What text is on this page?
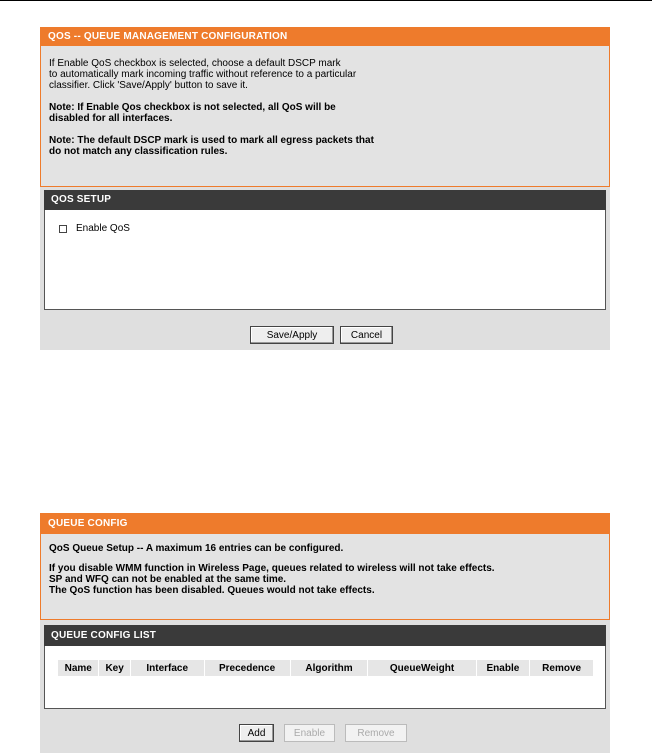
QOS -- QUEUE MANAGEMENT CONFIGURATION

If Enable QoS checkbox is selected, choose a default DSCP mark

to automatically mark incoming traffic without reference to a particular

classifier. Click 'Save/Apply' button to save it.

Note: If Enable Qos checkbox is not selected, all QoS will be

disabled for all interfaces.

Note: The default DSCP mark is used to mark all egress packets that

do not match any classification rules.

QOS SETUP
Enable QoS
Save/Apply	Cancel
QUEUE CONFIG

QoS Queue Setup -- A maximum 16 entries can be configured.

If you disable WMM function in Wireless Page, queues related to wireless will not take effects.

SP and WFQ can not be enabled at the same time.

The QoS function has been disabled. Queues would not take effects.

QUEUE CONFIG LIST
Name	Key	Interface	Precedence	Algorithm	QueueWeight	Enable	Remove
Add	Enable	Remove
